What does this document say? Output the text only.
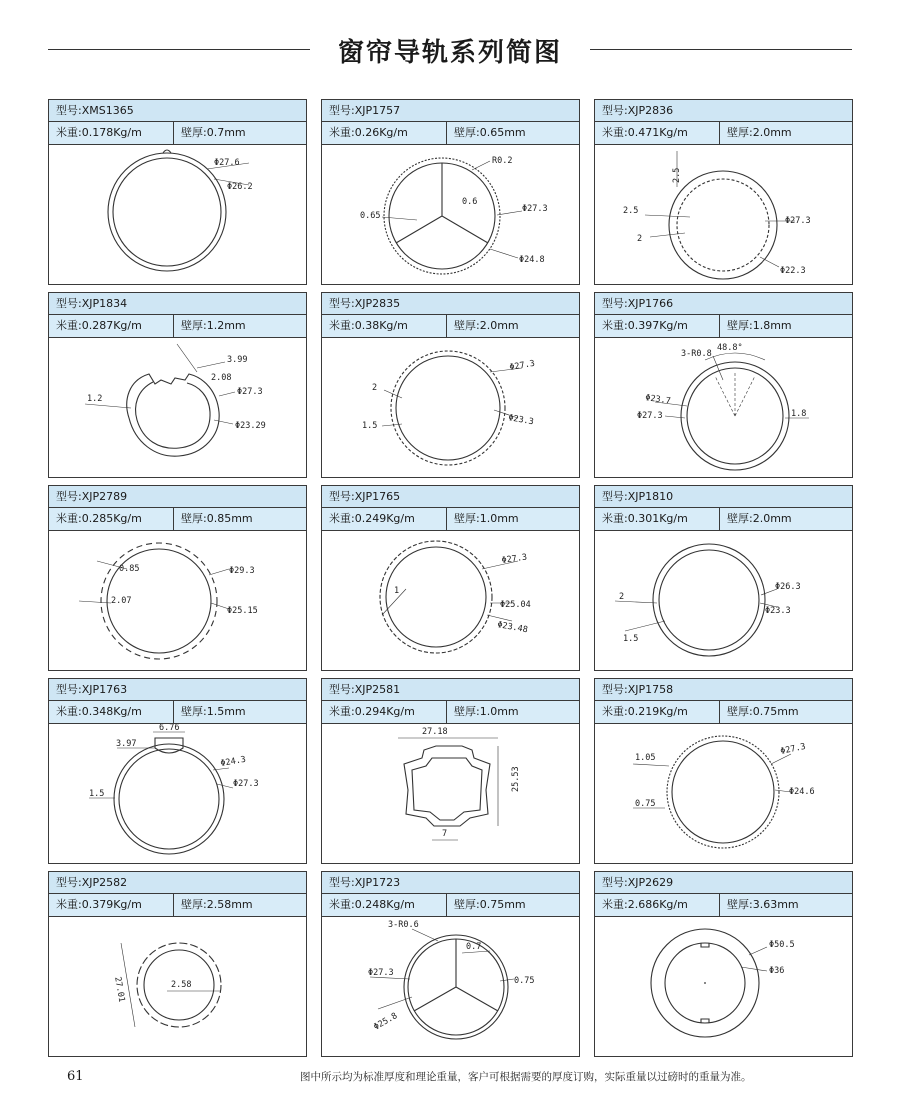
窗帘导轨系列简图
型号:XMS1365
米重:0.178Kg/m	壁厚:0.7mm
Φ27.6
Φ26.2
型号:XJP1757
米重:0.26Kg/m	壁厚:0.65mm
R0.2
0.6
0.65
Φ27.3
Φ24.8
型号:XJP2836
米重:0.471Kg/m	壁厚:2.0mm
2.5
2.5
2
Φ27.3
Φ22.3
型号:XJP1834
米重:0.287Kg/m	壁厚:1.2mm
3.99
2.08
1.2
Φ27.3
Φ23.29
型号:XJP2835
米重:0.38Kg/m	壁厚:2.0mm
Φ27.3
2
1.5	Φ23.3
型号:XJP1766
米重:0.397Kg/m	壁厚:1.8mm
48.8°
3-R0.8
Φ23.7
Φ27.3	1.8
型号:XJP2789
米重:0.285Kg/m	壁厚:0.85mm
0.85	Φ29.3
2.07
Φ25.15
型号:XJP1765
米重:0.249Kg/m	壁厚:1.0mm
Φ27.3
1
Φ25.04
Φ23.48
型号:XJP1810
米重:0.301Kg/m	壁厚:2.0mm
2
Φ26.3
Φ23.3
1.5
型号:XJP1763
米重:0.348Kg/m	壁厚:1.5mm
6.76
3.97
Φ24.3
Φ27.3
1.5
型号:XJP2581
米重:0.294Kg/m	壁厚:1.0mm
27.18
25.53
7
型号:XJP1758
米重:0.219Kg/m	壁厚:0.75mm
Φ27.3
1.05
Φ24.6
0.75
型号:XJP2582
米重:0.379Kg/m	壁厚:2.58mm
27.01	2.58
型号:XJP1723
米重:0.248Kg/m	壁厚:0.75mm
3-R0.6
0.7
Φ27.3
0.75
Φ25.8
型号:XJP2629
米重:2.686Kg/m	壁厚:3.63mm
Φ50.5
Φ36
61	图中所示均为标准厚度和理论重量，客户可根据需要的厚度订购，实际重量以过磅时的重量为准。
